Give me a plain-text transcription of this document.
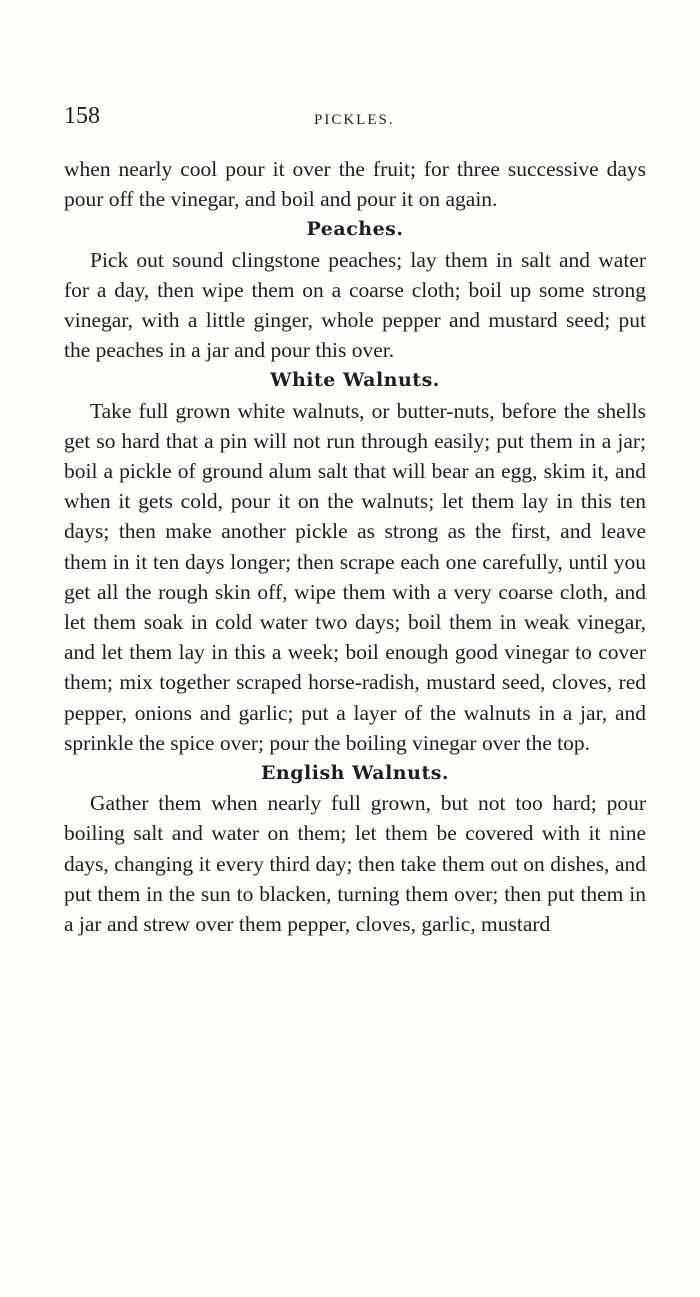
158	PICKLES.

when nearly cool pour it over the fruit; for three successive days pour off the vinegar, and boil and pour it on again.

Peaches.

Pick out sound clingstone peaches; lay them in salt and water for a day, then wipe them on a coarse cloth; boil up some strong vinegar, with a little ginger, whole pepper and mustard seed; put the peaches in a jar and pour this over.

White Walnuts.

Take full grown white walnuts, or butter-nuts, before the shells get so hard that a pin will not run through easily; put them in a jar; boil a pickle of ground alum salt that will bear an egg, skim it, and when it gets cold, pour it on the walnuts; let them lay in this ten days; then make another pickle as strong as the first, and leave them in it ten days longer; then scrape each one carefully, until you get all the rough skin off, wipe them with a very coarse cloth, and let them soak in cold water two days; boil them in weak vinegar, and let them lay in this a week; boil enough good vinegar to cover them; mix together scraped horse-radish, mustard seed, cloves, red pepper, onions and garlic; put a layer of the walnuts in a jar, and sprinkle the spice over; pour the boiling vinegar over the top.

English Walnuts.

Gather them when nearly full grown, but not too hard; pour boiling salt and water on them; let them be covered with it nine days, changing it every third day; then take them out on dishes, and put them in the sun to blacken, turning them over; then put them in a jar and strew over them pepper, cloves, garlic, mustard
